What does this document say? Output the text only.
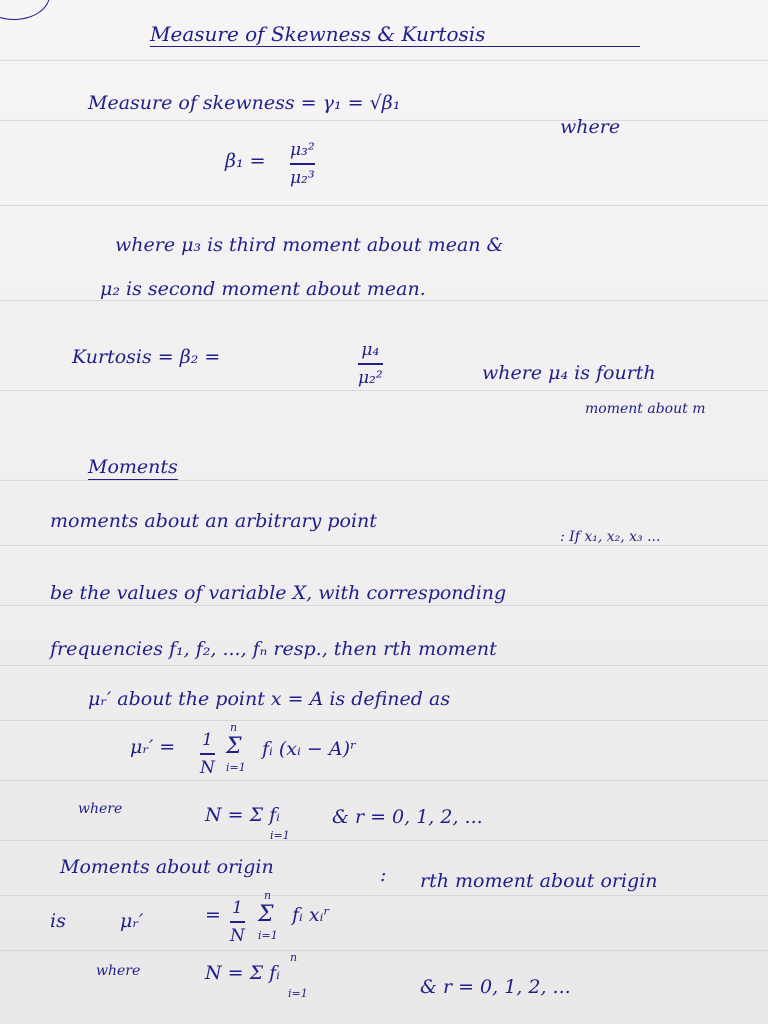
Measure of Skewness & Kurtosis
Measure of skewness = γ₁ = √β₁
where
β₁ = μ₃²
μ₂³
where μ₃ is third moment about mean &
μ₂ is second moment about mean.
Kurtosis = β₂ =	μ₄
μ₂²	where μ₄ is fourth
moment about m
Moments
moments about an arbitrary point
: If x₁, x₂, x₃ ...
be the values of variable X, with corresponding
frequencies f₁, f₂, ..., fₙ resp., then rth moment
μᵣ′ about the point x = A is defined as
μᵣ′ = 1
N
n
Σ
i=1
fᵢ (xᵢ − A)ʳ
where	N = Σ fᵢ
i=1
& r = 0, 1, 2, ...
Moments about origin	: rth moment about origin
is	μᵣ′	= 1
N
n
Σ
i=1
fᵢ xᵢʳ
where	N = Σ fᵢ
n
i=1	& r = 0, 1, 2, ...
